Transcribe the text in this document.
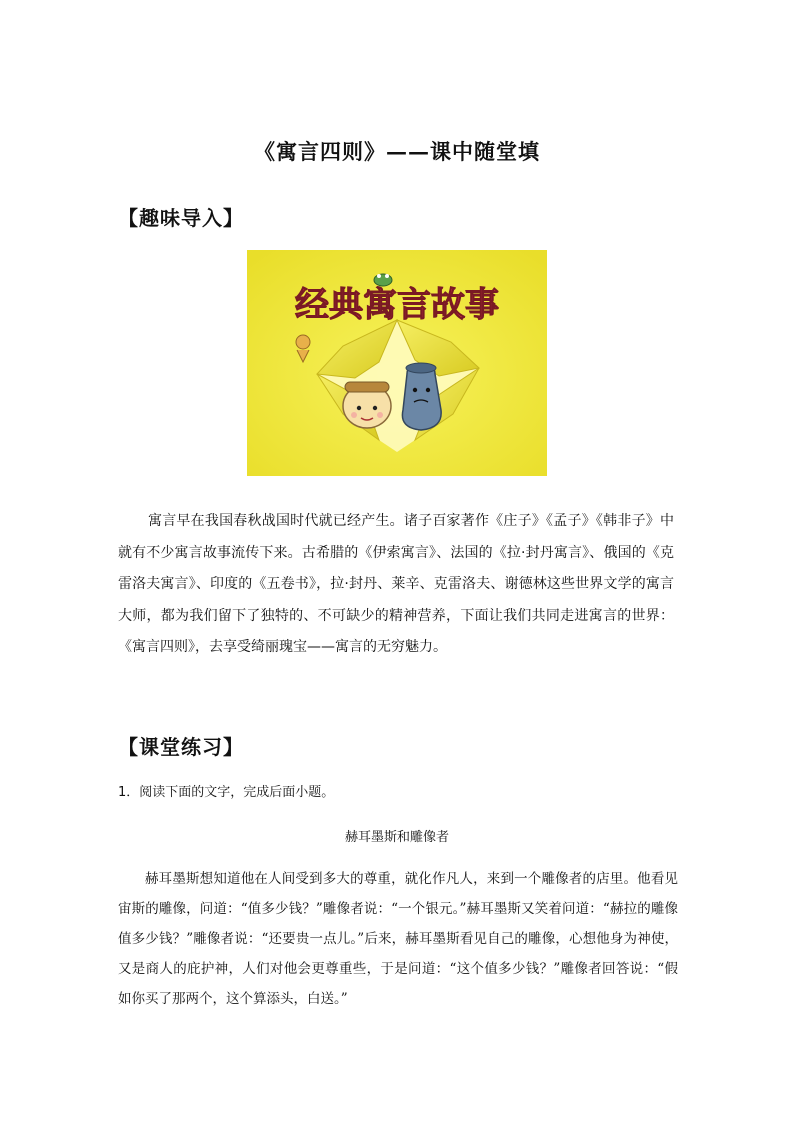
《寓言四则》——课中随堂填
【趣味导入】
经典寓言故事
寓言早在我国春秋战国时代就已经产生。诸子百家著作《庄子》《孟子》《韩非子》中就有不少寓言故事流传下来。古希腊的《伊索寓言》、法国的《拉·封丹寓言》、俄国的《克雷洛夫寓言》、印度的《五卷书》，拉·封丹、莱辛、克雷洛夫、谢德林这些世界文学的寓言大师，都为我们留下了独特的、不可缺少的精神营养，下面让我们共同走进寓言的世界：《寓言四则》，去享受绮丽瑰宝——寓言的无穷魅力。
【课堂练习】
1．阅读下面的文字，完成后面小题。
赫耳墨斯和雕像者
赫耳墨斯想知道他在人间受到多大的尊重，就化作凡人，来到一个雕像者的店里。他看见宙斯的雕像，问道：“值多少钱？”雕像者说：“一个银元。”赫耳墨斯又笑着问道：“赫拉的雕像值多少钱？”雕像者说：“还要贵一点儿。”后来，赫耳墨斯看见自己的雕像，心想他身为神使，又是商人的庇护神，人们对他会更尊重些，于是问道：“这个值多少钱？”雕像者回答说：“假如你买了那两个，这个算添头，白送。”
